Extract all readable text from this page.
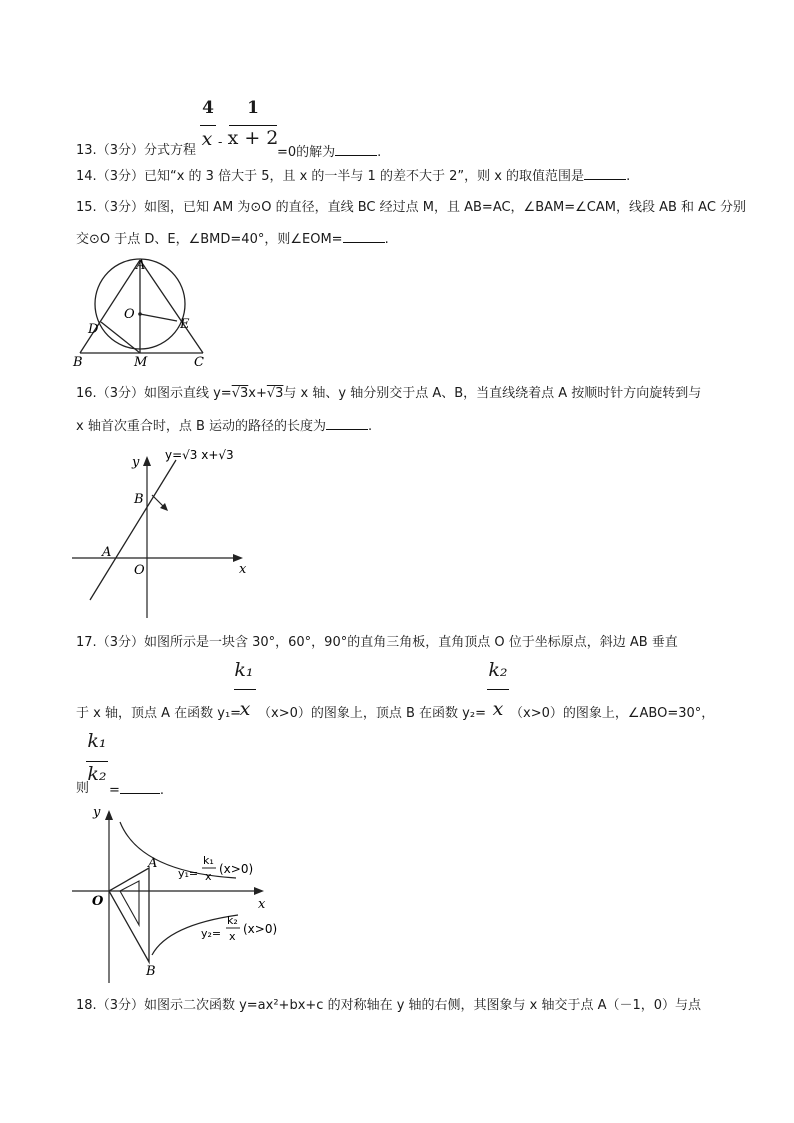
4
x -
1
x + 2
13.（3分）分式方程	=0的解为	.
14.（3分）已知“x 的 3 倍大于 5，且 x 的一半与 1 的差不大于 2”，则 x 的取值范围是	.
15.（3分）如图，已知 AM 为⊙O 的直径，直线 BC 经过点 M，且 AB=AC，∠BAM=∠CAM，线段 AB 和 AC 分别
交⊙O 于点 D、E，∠BMD=40°，则∠EOM=	.
A
O
D	E
B	M	C
16.（3分）如图示直线 y=√3x+√3与 x 轴、y 轴分别交于点 A、B，当直线绕着点 A 按顺时针方向旋转到与
x 轴首次重合时，点 B 运动的路径的长度为	.
y=√3 x+√3
y
x
B
A
O
17.（3分）如图所示是一块含 30°，60°，90°的直角三角板，直角顶点 O 位于坐标原点，斜边 AB 垂直
k₁
x
k₂
x
于 x 轴，顶点 A 在函数 y₁= （x>0）的图象上，顶点 B 在函数 y₂= （x>0）的图象上，∠ABO=30°，
k₁
k₂
则 =	.
y
x
O
A
B
y₁=
k₁
x
(x>0)
y₂=
k₂
x
(x>0)
18.（3分）如图示二次函数 y=ax²+bx+c 的对称轴在 y 轴的右侧，其图象与 x 轴交于点 A（－1，0）与点
